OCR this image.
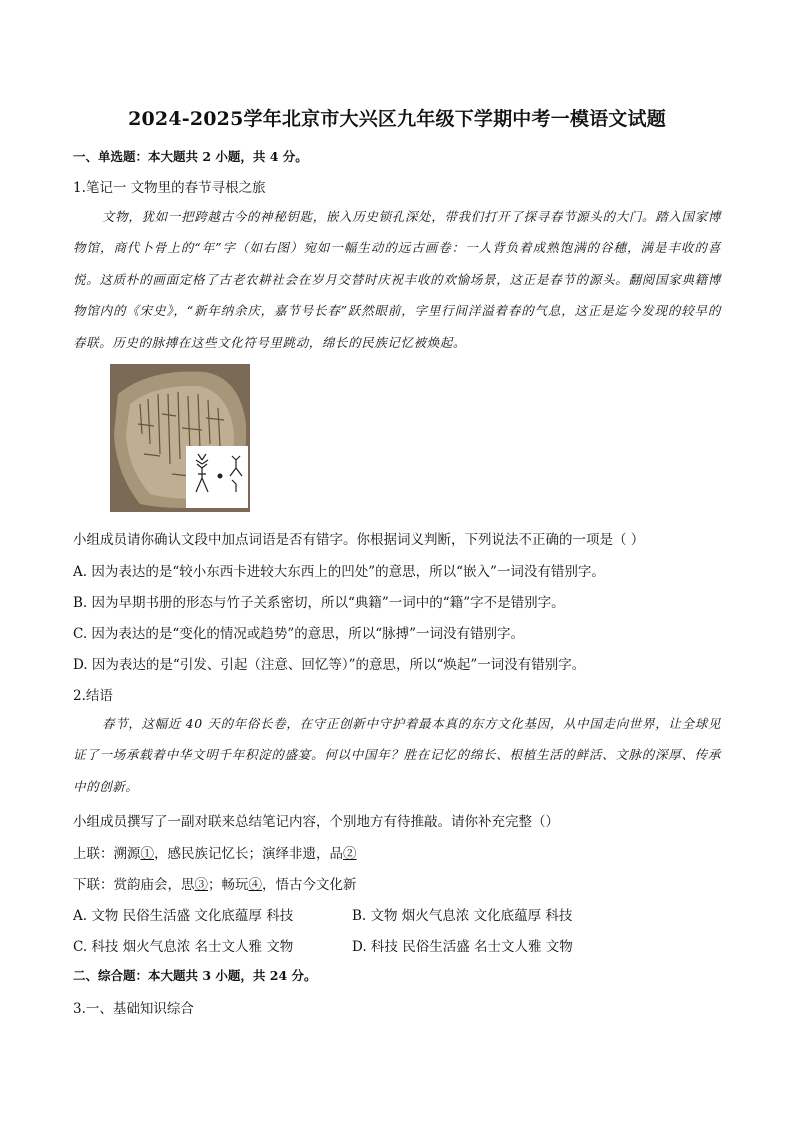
2024-2025学年北京市大兴区九年级下学期中考一模语文试题
一、单选题：本大题共 2 小题，共 4 分。
1.笔记一 文物里的春节寻根之旅
文物，犹如一把跨越古今的神秘钥匙，嵌入历史锁孔深处，带我们打开了探寻春节源头的大门。踏入国家博物馆，商代卜骨上的“年”字（如右图）宛如一幅生动的远古画卷：一人背负着成熟饱满的谷穗，满是丰收的喜悦。这质朴的画面定格了古老农耕社会在岁月交替时庆祝丰收的欢愉场景，这正是春节的源头。翻阅国家典籍博物馆内的《宋史》，“新年纳余庆，嘉节号长春”跃然眼前，字里行间洋溢着春的气息，这正是迄今发现的较早的春联。历史的脉搏在这些文化符号里跳动，绵长的民族记忆被焕起。
小组成员请你确认文段中加点词语是否有错字。你根据词义判断，下列说法不正确的一项是（ ）
A. 因为表达的是“较小东西卡进较大东西上的凹处”的意思，所以“嵌入”一词没有错别字。
B. 因为早期书册的形态与竹子关系密切，所以“典籍”一词中的“籍”字不是错别字。
C. 因为表达的是“变化的情况或趋势”的意思，所以“脉搏”一词没有错别字。
D. 因为表达的是“引发、引起（注意、回忆等）”的意思，所以“焕起”一词没有错别字。
2.结语
春节，这幅近 40 天的年俗长卷，在守正创新中守护着最本真的东方文化基因，从中国走向世界，让全球见证了一场承载着中华文明千年积淀的盛宴。何以中国年？胜在记忆的绵长、根植生活的鲜活、文脉的深厚、传承中的创新。
小组成员撰写了一副对联来总结笔记内容，个别地方有待推敲。请你补充完整（）
上联：溯源①，感民族记忆长；演绎非遗，品②
下联：赏韵庙会，思③；畅玩④，悟古今文化新
A. 文物 民俗生活盛 文化底蕴厚 科技	B. 文物 烟火气息浓 文化底蕴厚 科技
C. 科技 烟火气息浓 名士文人雅 文物	D. 科技 民俗生活盛 名士文人雅 文物
二、综合题：本大题共 3 小题，共 24 分。
3.一、基础知识综合
